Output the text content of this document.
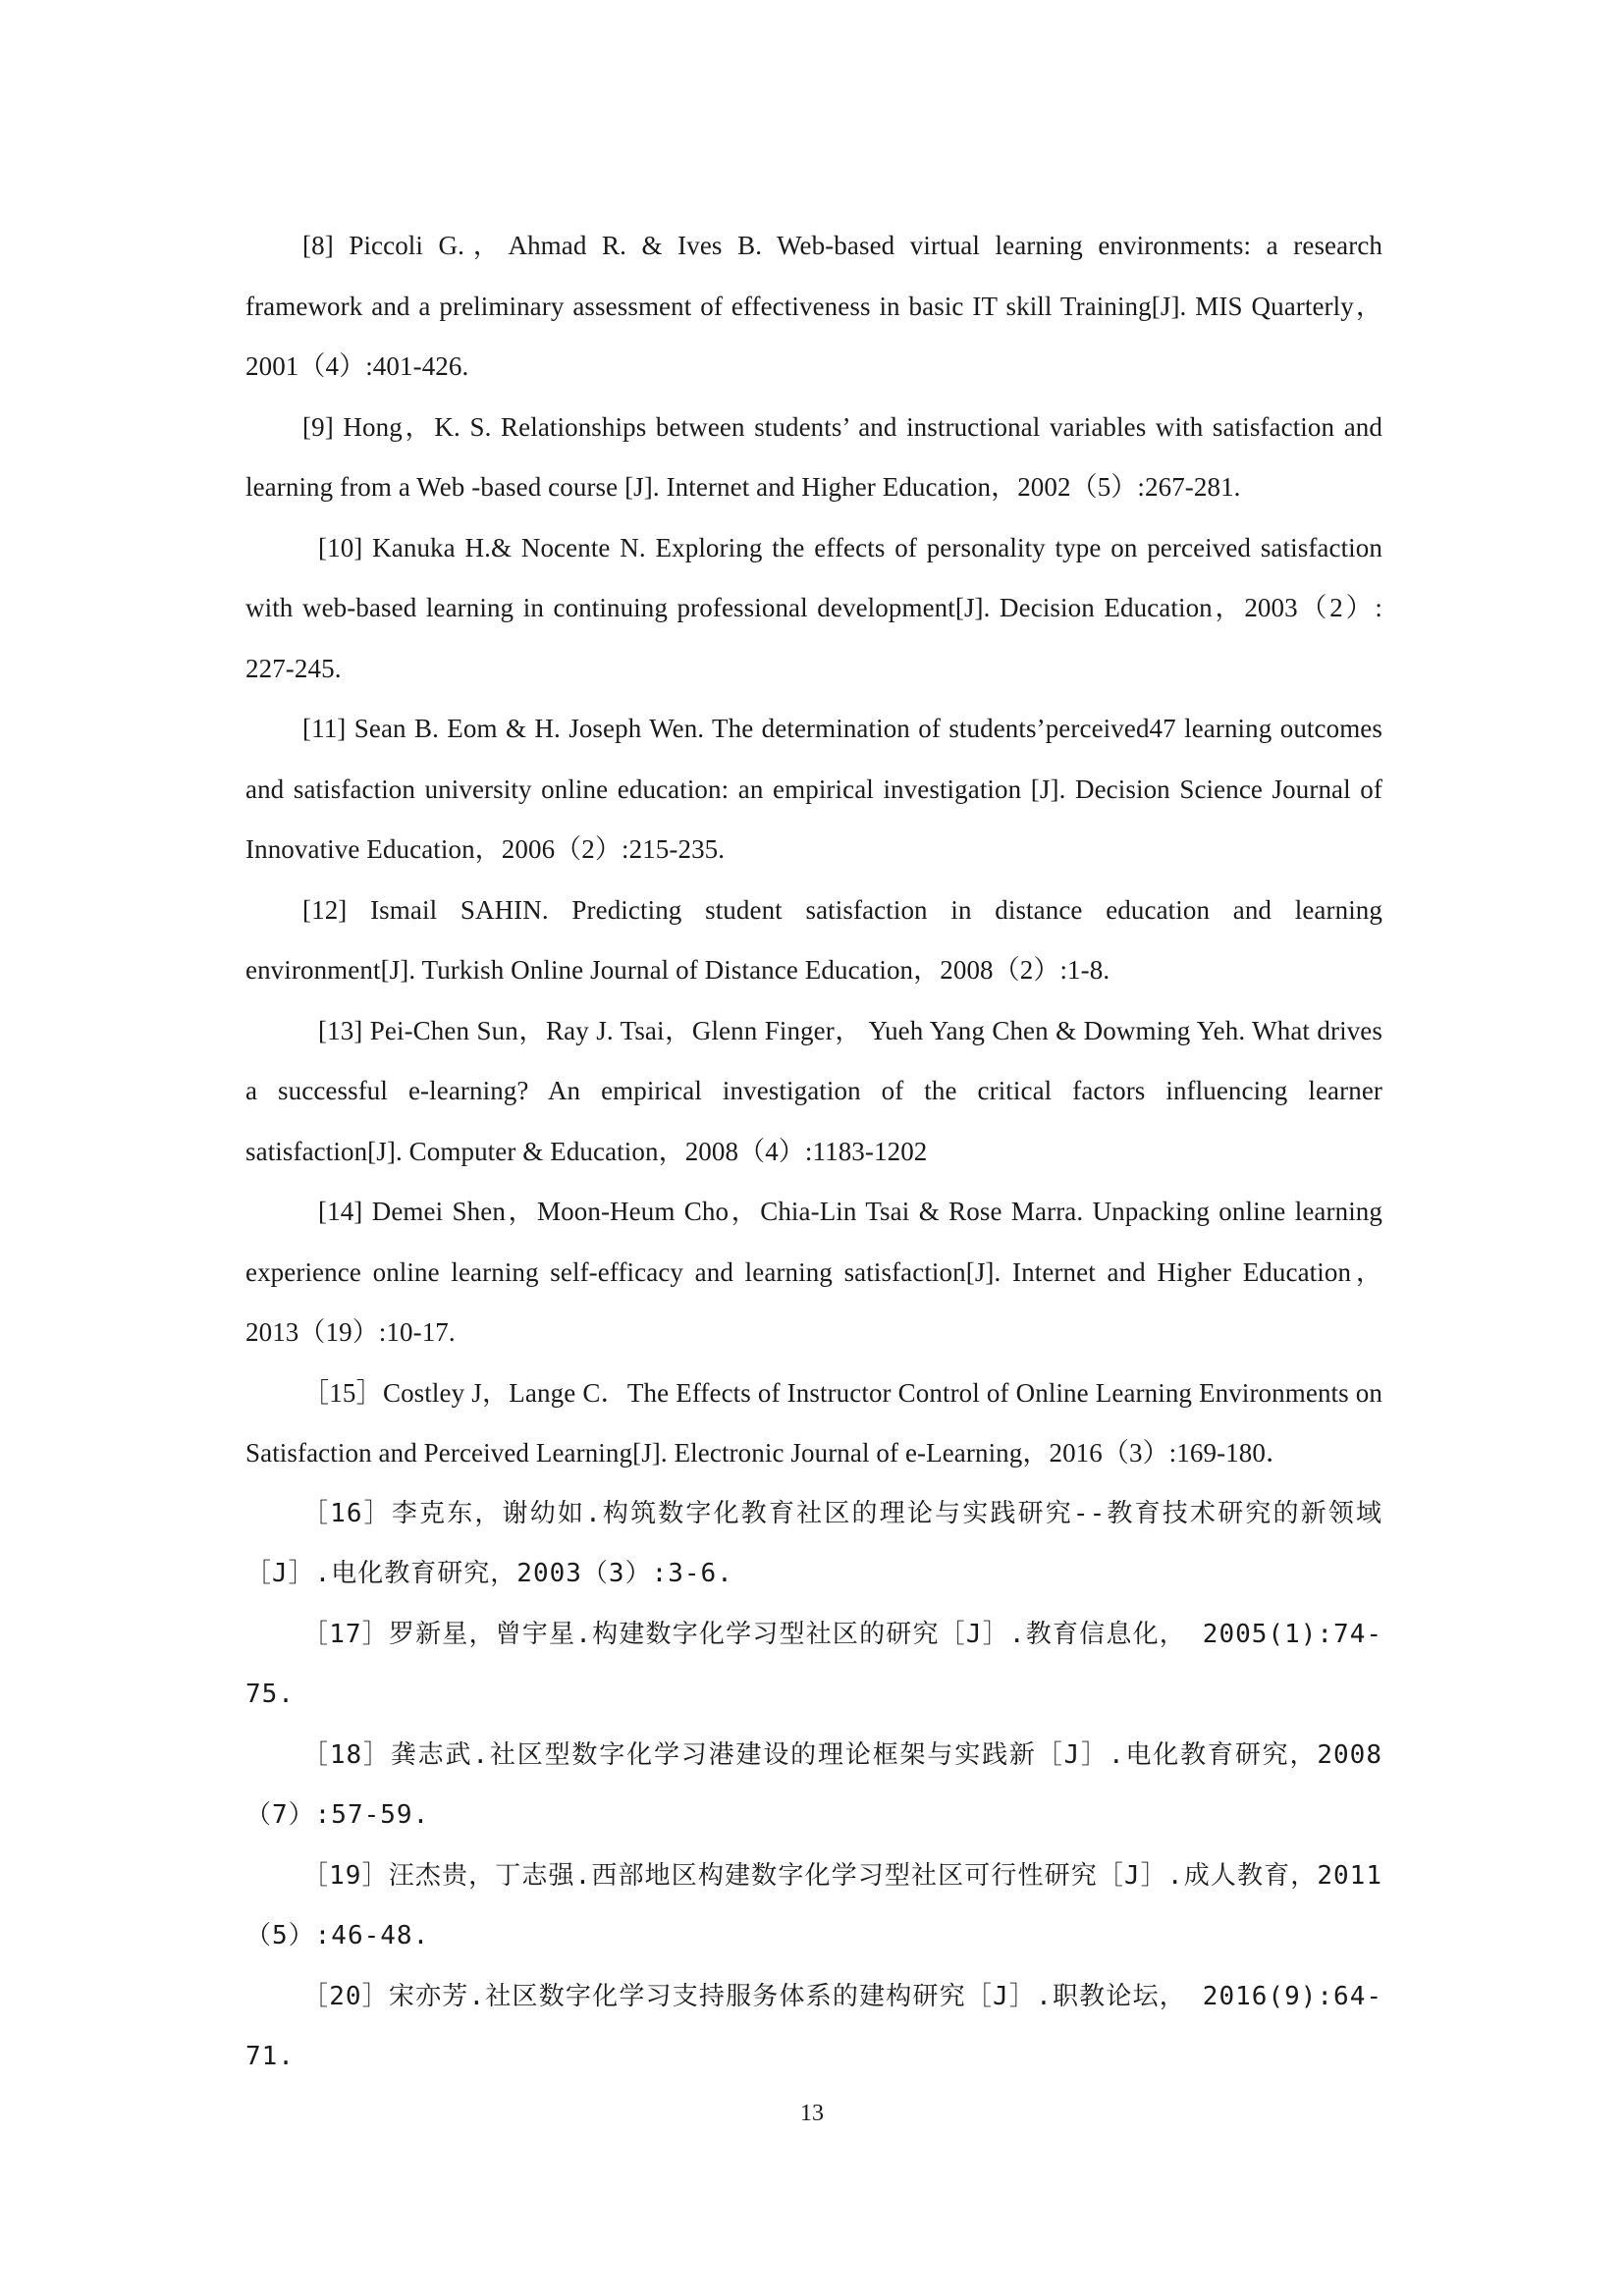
[8] Piccoli G.，Ahmad R. & Ives B. Web-based virtual learning environments: a research framework and a preliminary assessment of effectiveness in basic IT skill Training[J]. MIS Quarterly，2001（4）:401-426.

[9] Hong，K. S. Relationships between students’ and instructional variables with satisfaction and learning from a Web -based course [J]. Internet and Higher Education，2002（5）:267-281.

[10] Kanuka H.& Nocente N. Exploring the effects of personality type on perceived satisfaction with web-based learning in continuing professional development[J]. Decision Education，2003（2）: 227-245.

[11] Sean B. Eom & H. Joseph Wen. The determination of students’perceived47 learning outcomes and satisfaction university online education: an empirical investigation [J]. Decision Science Journal of Innovative Education，2006（2）:215-235.

[12] Ismail SAHIN. Predicting student satisfaction in distance education and learning environment[J]. Turkish Online Journal of Distance Education，2008（2）:1-8.

[13] Pei-Chen Sun，Ray J. Tsai，Glenn Finger， Yueh Yang Chen & Dowming Yeh. What drives a successful e-learning? An empirical investigation of the critical factors influencing learner satisfaction[J]. Computer & Education，2008（4）:1183-1202

[14] Demei Shen，Moon-Heum Cho，Chia-Lin Tsai & Rose Marra. Unpacking online learning experience online learning self-efficacy and learning satisfaction[J]. Internet and Higher Education，2013（19）:10-17.

［15］Costley J，Lange C．The Effects of Instructor Control of Online Learning Environments on Satisfaction and Perceived Learning[J]. Electronic Journal of e-Learning，2016（3）:169-180．

［16］李克东，谢幼如.构筑数字化教育社区的理论与实践研究--教育技术研究的新领域［J］.电化教育研究，2003（3）:3-6.

［17］罗新星，曾宇星.构建数字化学习型社区的研究［J］.教育信息化， 2005(1):74-75.

［18］龚志武.社区型数字化学习港建设的理论框架与实践新［J］.电化教育研究，2008（7）:57-59.

［19］汪杰贵，丁志强.西部地区构建数字化学习型社区可行性研究［J］.成人教育，2011（5）:46-48.

［20］宋亦芳.社区数字化学习支持服务体系的建构研究［J］.职教论坛， 2016(9):64-71.

13
